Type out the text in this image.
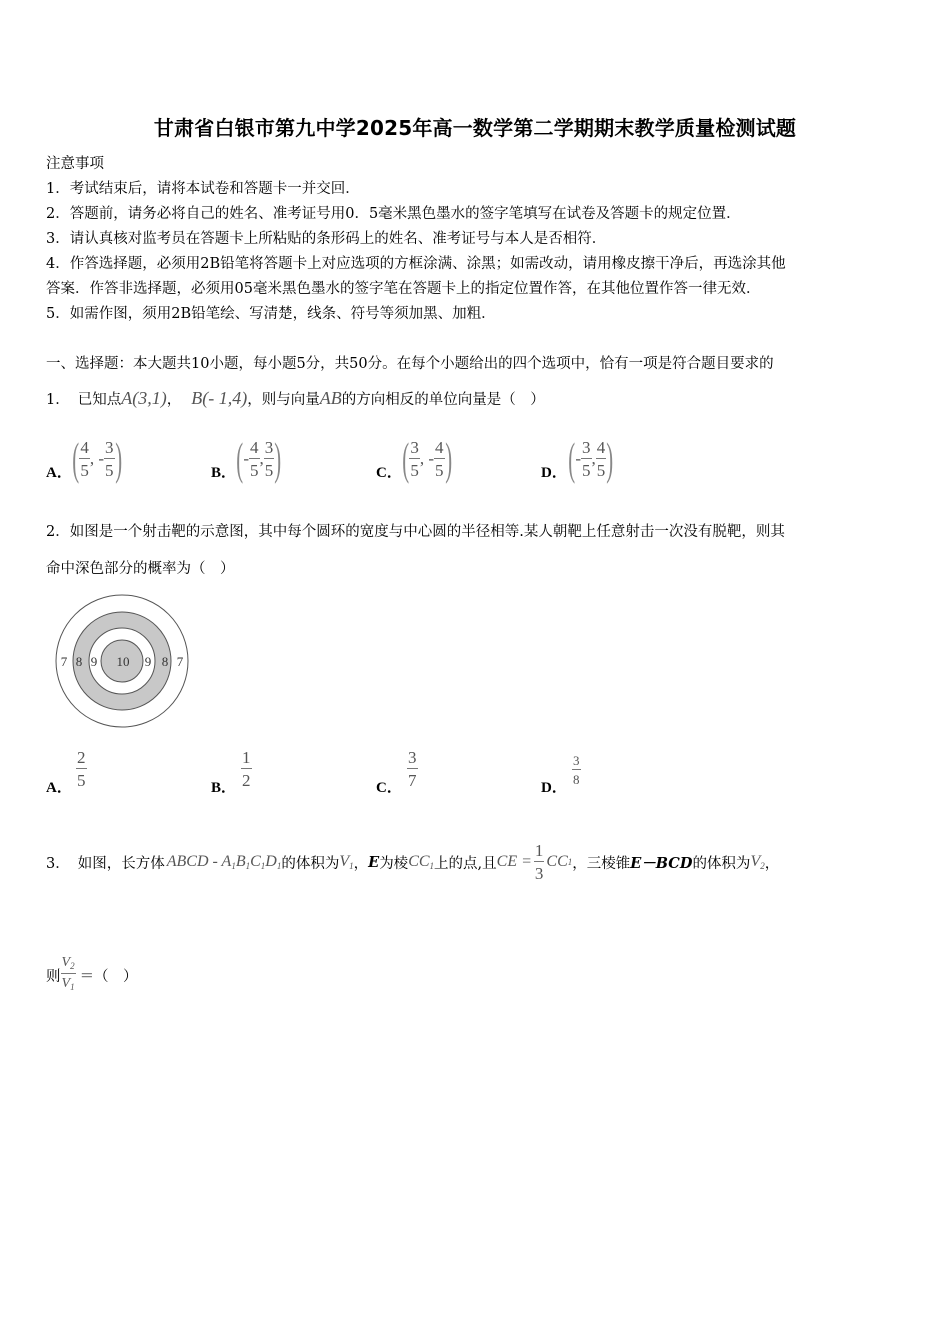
甘肃省白银市第九中学2025年高一数学第二学期期末教学质量检测试题
注意事项
1．考试结束后，请将本试卷和答题卡一并交回．
2．答题前，请务必将自己的姓名、准考证号用0．5毫米黑色墨水的签字笔填写在试卷及答题卡的规定位置．
3．请认真核对监考员在答题卡上所粘贴的条形码上的姓名、准考证号与本人是否相符．
4．作答选择题，必须用2B铅笔将答题卡上对应选项的方框涂满、涂黑；如需改动，请用橡皮擦干净后，再选涂其他
答案．作答非选择题，必须用05毫米黑色墨水的签字笔在答题卡上的指定位置作答，在其他位置作答一律无效．
5．如需作图，须用2B铅笔绘、写清楚，线条、符号等须加黑、加粗．
一、选择题：本大题共10小题，每小题5分，共50分。在每个小题给出的四个选项中，恰有一项是符合题目要求的
1． 已知点 A(3,1) ， B(- 1,4) ，则与向量 AB 的方向相反的单位向量是（　）
A． ( $\frac{4}{5}$ , - $\frac{3}{5}$ )	B． ( - $\frac{4}{5}$ , $\frac{3}{5}$ )	C． ( $\frac{3}{5}$ , - $\frac{4}{5}$ )	D． ( - $\frac{3}{5}$ , $\frac{4}{5}$ )
2．如图是一个射击靶的示意图，其中每个圆环的宽度与中心圆的半径相等.某人朝靶上任意射击一次没有脱靶，则其
命中深色部分的概率为（　）
7 8 9 10 9 8 7
A． $\frac{2}{5}$	B． $\frac{1}{2}$	C． $\frac{3}{7}$	D．
$\frac{3}{8}$
3． 如图，长方体 ABCD - $A_1B_1C_1D_1$ 的体积为 $V_1$ ， E 为棱 $CC_1$ 上的点,且 CE = $\frac{1}{3}$ CC 1 ，三棱锥 E－BCD 的体积为 $V_2$ ，
则 $\frac{V_2}{V_1}$ ＝（　）
